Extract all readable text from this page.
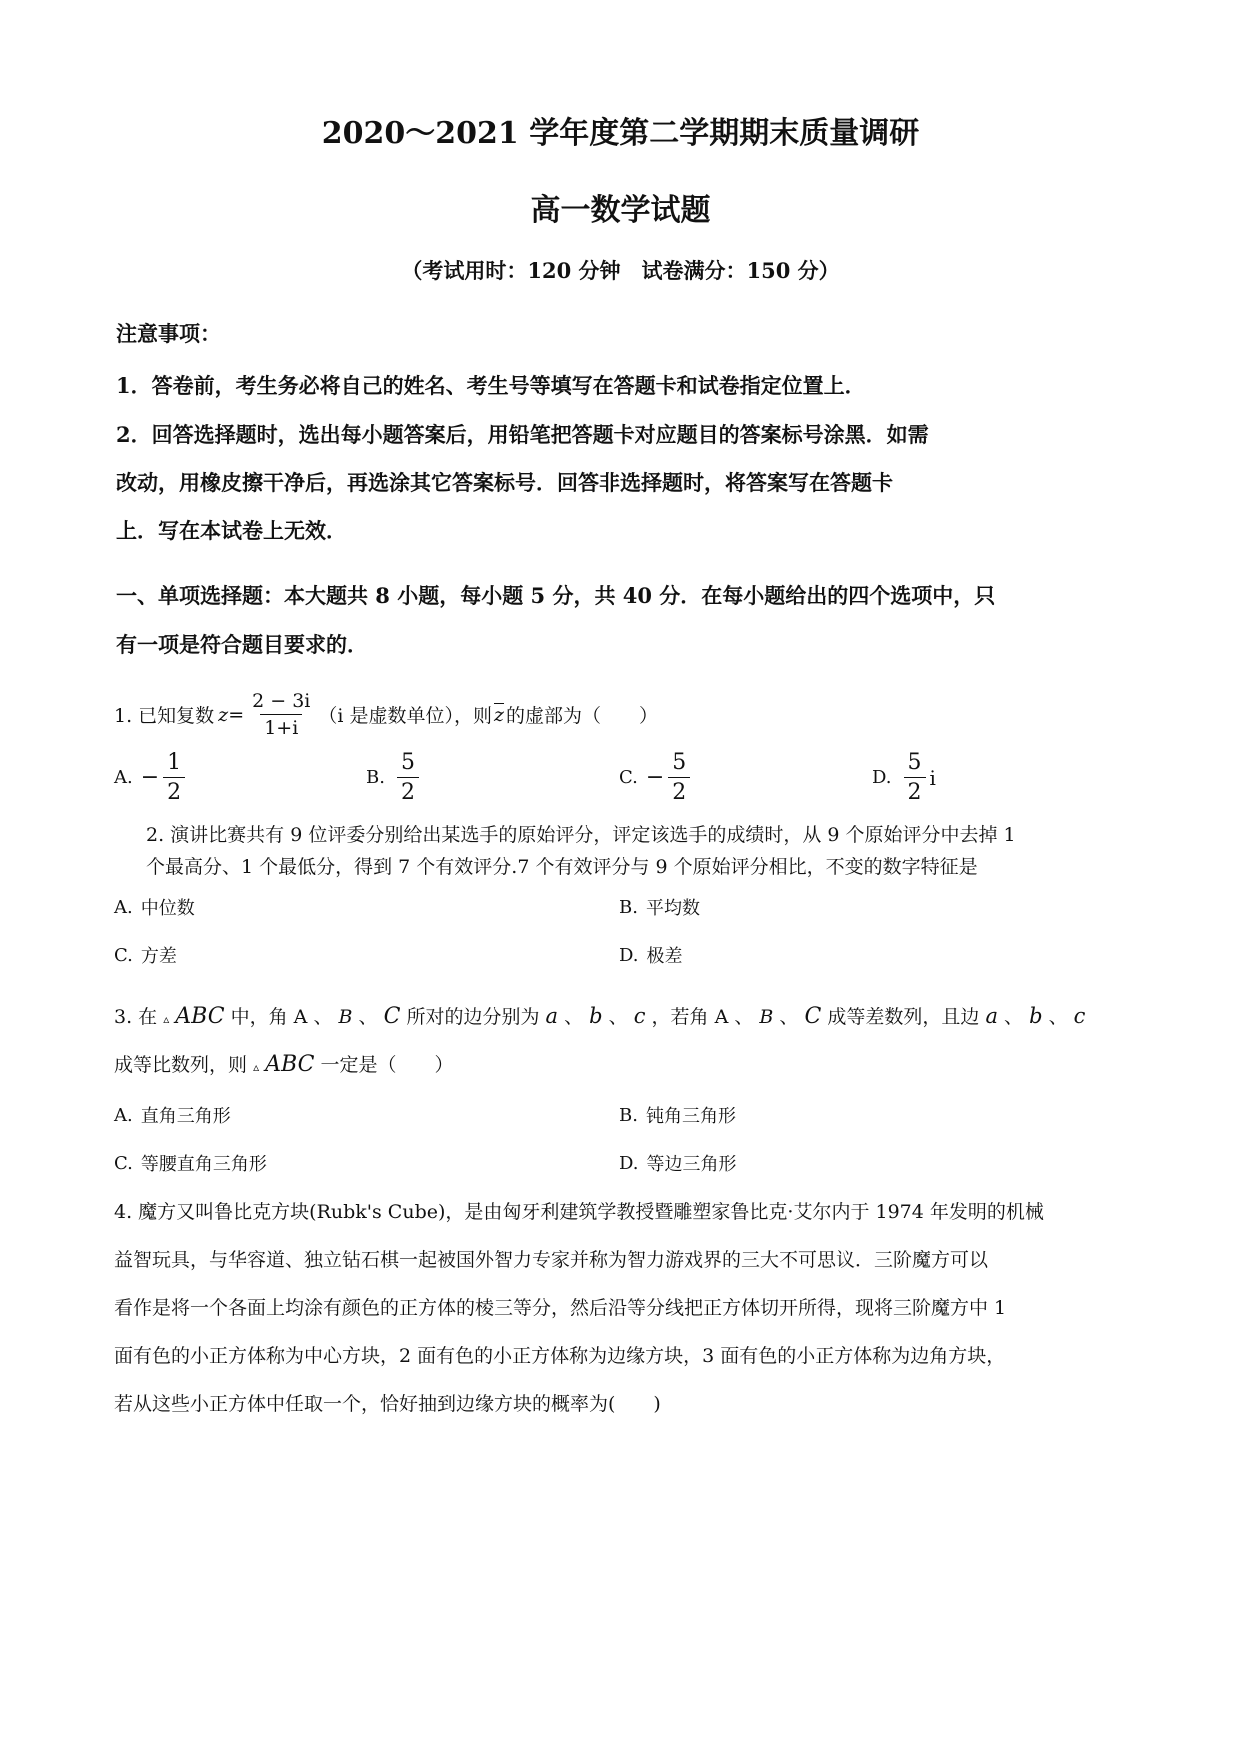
2020～2021 学年度第二学期期末质量调研
高一数学试题
（考试用时：120 分钟　试卷满分：150 分）
注意事项：
1．答卷前，考生务必将自己的姓名、考生号等填写在答题卡和试卷指定位置上．
2．回答选择题时，选出每小题答案后，用铅笔把答题卡对应题目的答案标号涂黑．如需
改动，用橡皮擦干净后，再选涂其它答案标号．回答非选择题时，将答案写在答题卡
上．写在本试卷上无效．
一、单项选择题：本大题共 8 小题，每小题 5 分，共 40 分．在每小题给出的四个选项中，只
有一项是符合题目要求的．
1. 已知复数 $z = \frac{2 - 3i}{1+i} (i$ 是虚数单位），则 $\overline{z}$ 的虚部为（　　）
A. − $\frac{1}{2}$	B. $\frac{5}{2}$	C. − $\frac{5}{2}$	D. $\frac{5}{2}$ i
2. 演讲比赛共有 9 位评委分别给出某选手的原始评分，评定该选手的成绩时，从 9 个原始评分中去掉 1
个最高分、1 个最低分，得到 7 个有效评分.7 个有效评分与 9 个原始评分相比，不变的数字特征是
A. 中位数	B. 平均数
C. 方差	D. 极差
3. 在 ▵ ABC 中，角 A 、 B 、 C 所对的边分别为 a 、 b 、 c ，若角 A 、 B 、 C 成等差数列，且边 a 、 b 、 c
成等比数列，则 ▵ ABC 一定是（　　）
A. 直角三角形	B. 钝角三角形
C. 等腰直角三角形	D. 等边三角形
4. 魔方又叫鲁比克方块(Rubk's Cube)，是由匈牙利建筑学教授暨雕塑家鲁比克·艾尔内于 1974 年发明的机械
益智玩具，与华容道、独立钻石棋一起被国外智力专家并称为智力游戏界的三大不可思议．三阶魔方可以
看作是将一个各面上均涂有颜色的正方体的棱三等分，然后沿等分线把正方体切开所得，现将三阶魔方中 1
面有色的小正方体称为中心方块，2 面有色的小正方体称为边缘方块，3 面有色的小正方体称为边角方块，
若从这些小正方体中任取一个，恰好抽到边缘方块的概率为(　　)
